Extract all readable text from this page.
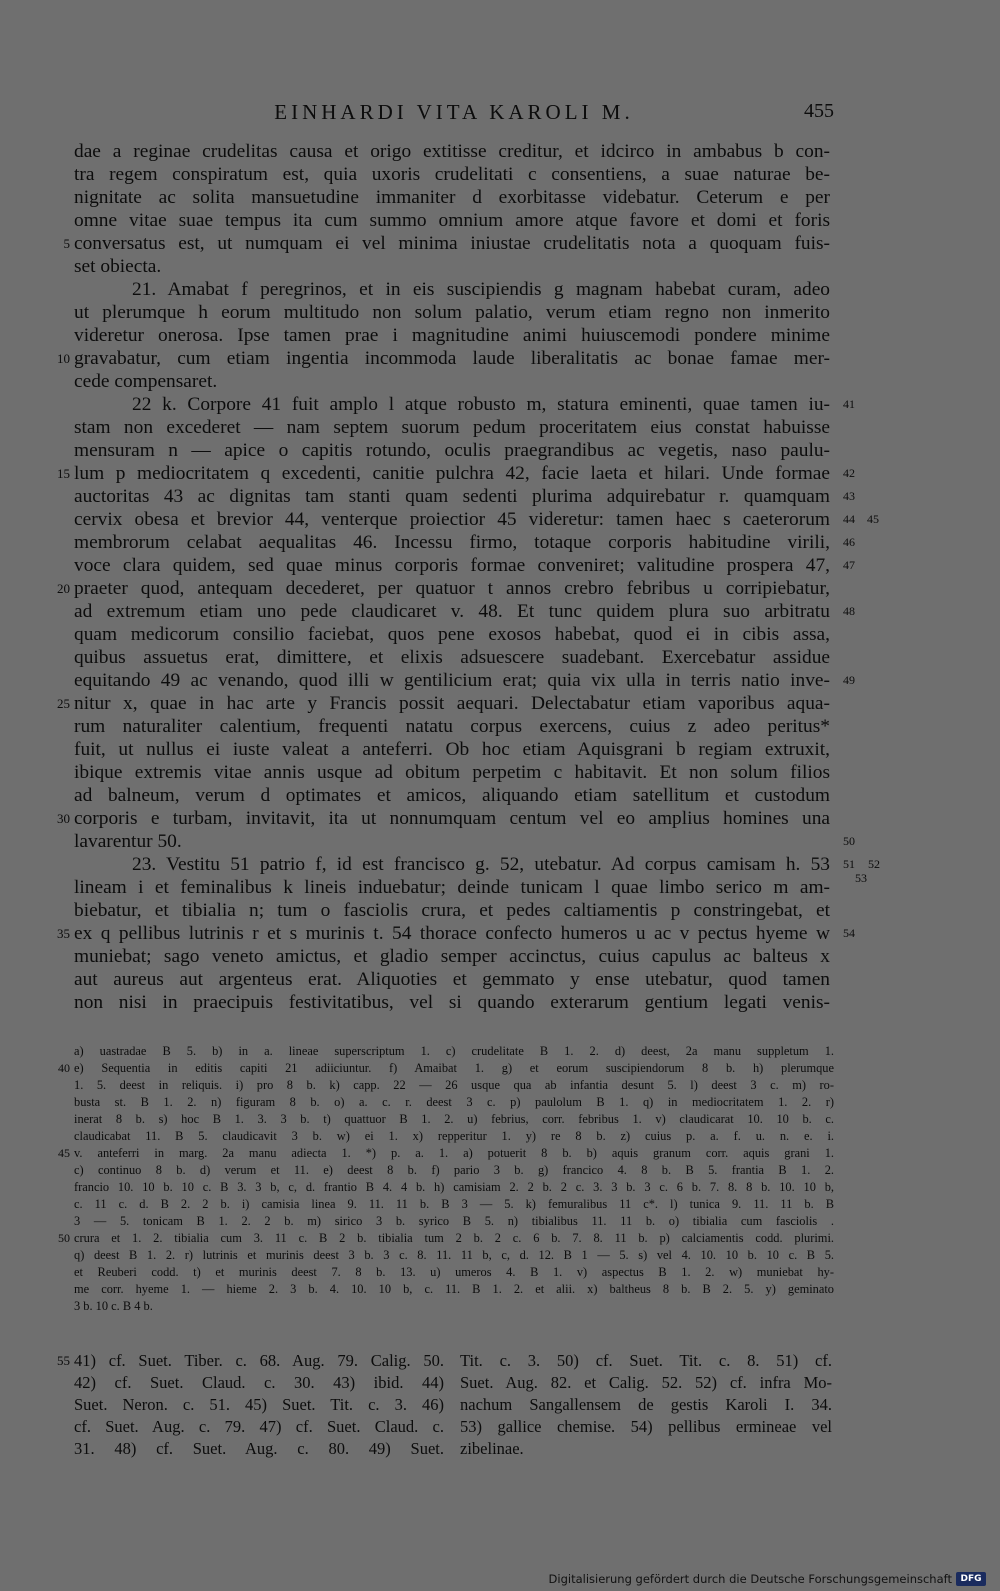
EINHARDI VITA KAROLI M.	455
dae a reginae crudelitas causa et origo extitisse creditur, et idcirco in ambabus b con-
tra regem conspiratum est, quia uxoris crudelitati c consentiens, a suae naturae be-
nignitate ac solita mansuetudine immaniter d exorbitasse videbatur. Ceterum e per
omne vitae suae tempus ita cum summo omnium amore atque favore et domi et foris
conversatus est, ut numquam ei vel minima iniustae crudelitatis nota a quoquam fuis-
set obiecta.
21. Amabat f peregrinos, et in eis suscipiendis g magnam habebat curam, adeo
ut plerumque h eorum multitudo non solum palatio, verum etiam regno non inmerito
videretur onerosa. Ipse tamen prae i magnitudine animi huiuscemodi pondere minime
gravabatur, cum etiam ingentia incommoda laude liberalitatis ac bonae famae mer-
cede compensaret.
22 k. Corpore 41 fuit amplo l atque robusto m, statura eminenti, quae tamen iu-
stam non excederet — nam septem suorum pedum proceritatem eius constat habuisse
mensuram n — apice o capitis rotundo, oculis praegrandibus ac vegetis, naso paulu-
lum p mediocritatem q excedenti, canitie pulchra 42, facie laeta et hilari. Unde formae
auctoritas 43 ac dignitas tam stanti quam sedenti plurima adquirebatur r. quamquam
cervix obesa et brevior 44, venterque proiectior 45 videretur: tamen haec s caeterorum
membrorum celabat aequalitas 46. Incessu firmo, totaque corporis habitudine virili,
voce clara quidem, sed quae minus corporis formae conveniret; valitudine prospera 47,
praeter quod, antequam decederet, per quatuor t annos crebro febribus u corripiebatur,
ad extremum etiam uno pede claudicaret v. 48. Et tunc quidem plura suo arbitratu
quam medicorum consilio faciebat, quos pene exosos habebat, quod ei in cibis assa,
quibus assuetus erat, dimittere, et elixis adsuescere suadebant. Exercebatur assidue
equitando 49 ac venando, quod illi w gentilicium erat; quia vix ulla in terris natio inve-
nitur x, quae in hac arte y Francis possit aequari. Delectabatur etiam vaporibus aqua-
rum naturaliter calentium, frequenti natatu corpus exercens, cuius z adeo peritus*
fuit, ut nullus ei iuste valeat a anteferri. Ob hoc etiam Aquisgrani b regiam extruxit,
ibique extremis vitae annis usque ad obitum perpetim c habitavit. Et non solum filios
ad balneum, verum d optimates et amicos, aliquando etiam satellitum et custodum
corporis e turbam, invitavit, ita ut nonnumquam centum vel eo amplius homines una
lavarentur 50.
23. Vestitu 51 patrio f, id est francisco g. 52, utebatur. Ad corpus camisam h. 53
lineam i et feminalibus k lineis induebatur; deinde tunicam l quae limbo serico m am-
biebatur, et tibialia n; tum o fasciolis crura, et pedes caltiamentis p constringebat, et
ex q pellibus lutrinis r et s murinis t. 54 thorace confecto humeros u ac v pectus hyeme w
muniebat; sago veneto amictus, et gladio semper accinctus, cuius capulus ac balteus x
aut aureus aut argenteus erat. Aliquoties et gemmato y ense utebatur, quod tamen
non nisi in praecipuis festivitatibus, vel si quando exterarum gentium legati venis-
5
10
15
20
25
30
35
41
42
43
44 45
46
47
48
49
50
51 52
53
54
a) uastradae B 5. b) in a. lineae superscriptum 1. c) crudelitate B 1. 2. d) deest, 2a manu suppletum 1.
e) Sequentia in editis capiti 21 adiiciuntur. f) Amaibat 1. g) et eorum suscipiendorum 8 b. h) plerumque
1. 5. deest in reliquis. i) pro 8 b. k) capp. 22 — 26 usque qua ab infantia desunt 5. l) deest 3 c. m) ro-
busta st. B 1. 2. n) figuram 8 b. o) a. c. r. deest 3 c. p) paulolum B 1. q) in mediocritatem 1. 2. r)
inerat 8 b. s) hoc B 1. 3. 3 b. t) quattuor B 1. 2. u) febrius, corr. febribus 1. v) claudicarat 10. 10 b. c.
claudicabat 11. B 5. claudicavit 3 b. w) ei 1. x) repperitur 1. y) re 8 b. z) cuius p. a. f. u. n. e. i.
v. anteferri in marg. 2a manu adiecta 1. *) p. a. 1. a) potuerit 8 b. b) aquis granum corr. aquis grani 1.
c) continuo 8 b. d) verum et 11. e) deest 8 b. f) pario 3 b. g) francico 4. 8 b. B 5. frantia B 1. 2.
francio 10. 10 b. 10 c. B 3. 3 b, c, d. frantio B 4. 4 b. h) camisiam 2. 2 b. 2 c. 3. 3 b. 3 c. 6 b. 7. 8. 8 b. 10. 10 b,
c. 11 c. d. B 2. 2 b. i) camisia linea 9. 11. 11 b. B 3 — 5. k) femuralibus 11 c*. l) tunica 9. 11. 11 b. B
3 — 5. tonicam B 1. 2. 2 b. m) sirico 3 b. syrico B 5. n) tibialibus 11. 11 b. o) tibialia cum fasciolis .
crura et 1. 2. tibialia cum 3. 11 c. B 2 b. tibialia tum 2 b. 2 c. 6 b. 7. 8. 11 b. p) calciamentis codd. plurimi.
q) deest B 1. 2. r) lutrinis et murinis deest 3 b. 3 c. 8. 11. 11 b, c, d. 12. B 1 — 5. s) vel 4. 10. 10 b. 10 c. B 5.
et Reuberi codd. t) et murinis deest 7. 8 b. 13. u) umeros 4. B 1. v) aspectus B 1. 2. w) muniebat hy-
me corr. hyeme 1. — hieme 2. 3 b. 4. 10. 10 b, c. 11. B 1. 2. et alii. x) baltheus 8 b. B 2. 5. y) geminato
3 b. 10 c. B 4 b.
40
45
50
55 41) cf. Suet. Tiber. c. 68. Aug. 79. Calig. 50.
42) cf. Suet. Claud. c. 30. 43) ibid. 44)
Suet. Neron. c. 51. 45) Suet. Tit. c. 3. 46)
cf. Suet. Aug. c. 79. 47) cf. Suet. Claud. c.
31. 48) cf. Suet. Aug. c. 80. 49) Suet.
Tit. c. 3. 50) cf. Suet. Tit. c. 8. 51) cf.
Suet. Aug. 82. et Calig. 52. 52) cf. infra Mo-
nachum Sangallensem de gestis Karoli I. 34.
53) gallice chemise. 54) pellibus ermineae vel
zibelinae.
Digitalisierung gefördert durch die Deutsche Forschungsgemeinschaft DFG
